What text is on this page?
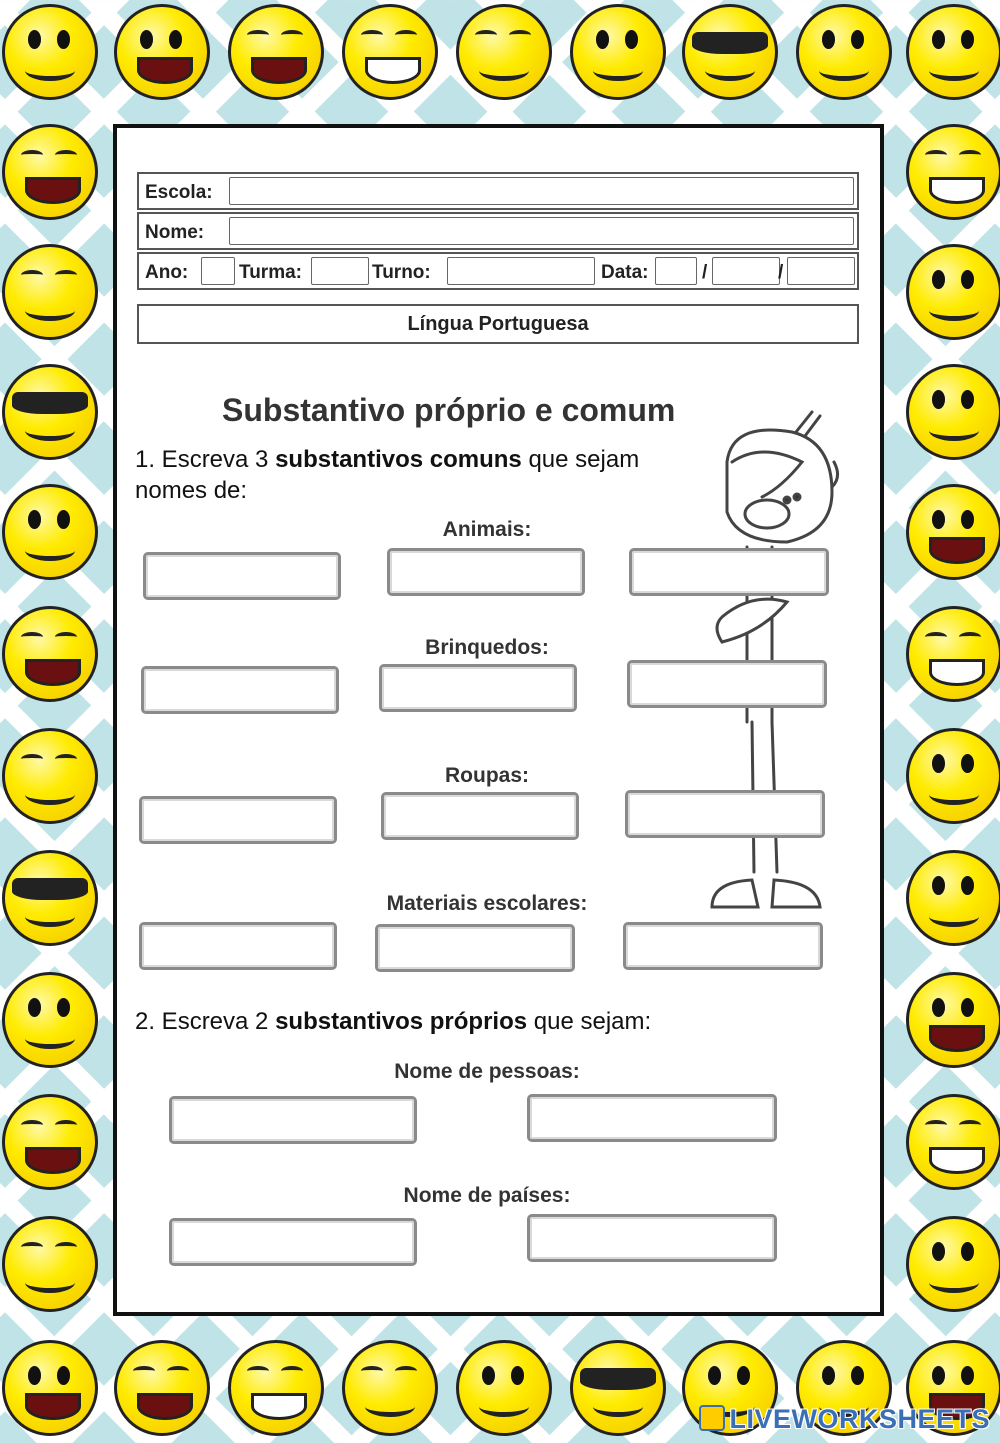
Escola:
Nome:
Ano:	Turma:	Turno:	Data:	/	/
Língua Portuguesa
Substantivo próprio e comum
1. Escreva 3 substantivos comuns que sejam nomes de:
Animais:
Brinquedos:
Roupas:
Materiais escolares:
2. Escreva 2 substantivos próprios que sejam:
Nome de pessoas:
Nome de países:
LIVEWORKSHEETS
